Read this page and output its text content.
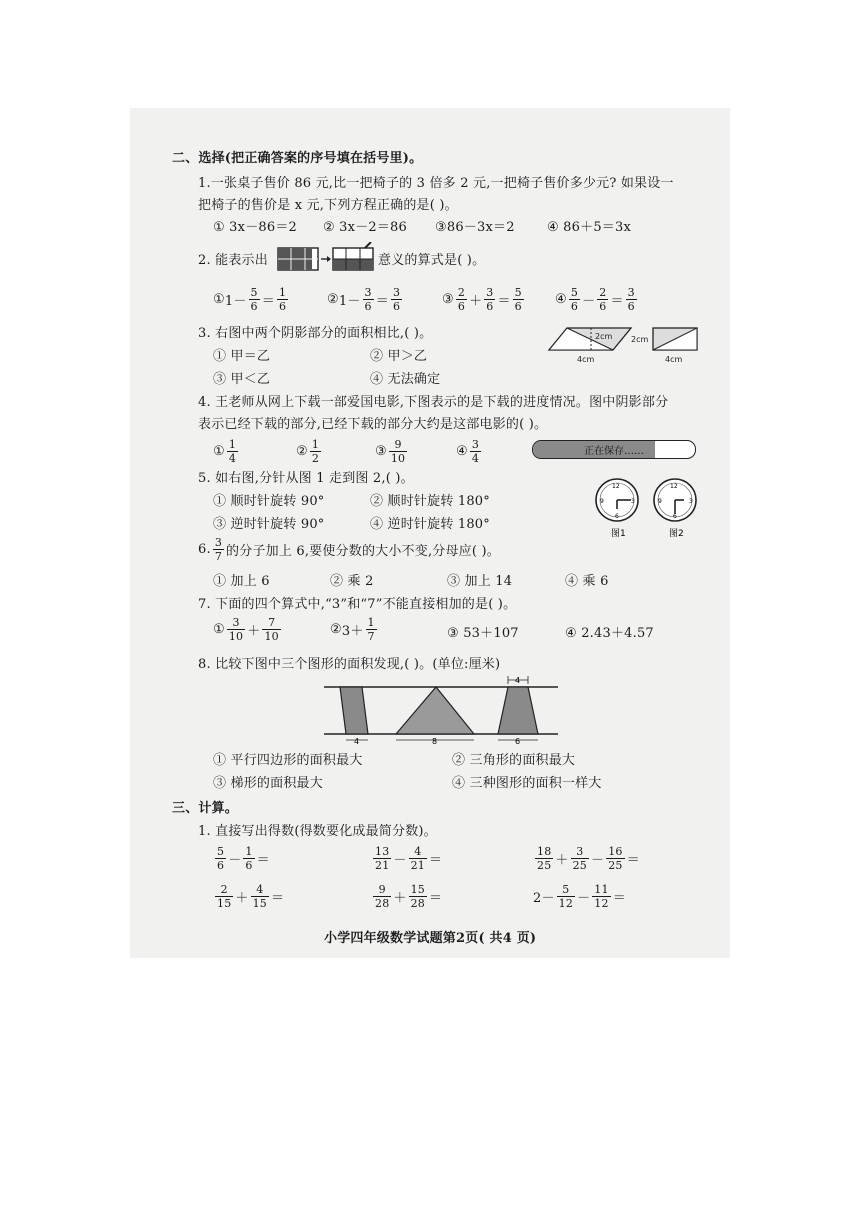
二、选择(把正确答案的序号填在括号里)。
1.一张桌子售价 86 元,比一把椅子的 3 倍多 2 元,一把椅子售价多少元? 如果设一
把椅子的售价是 x 元,下列方程正确的是( )。
① 3x－86＝2 ② 3x－2＝86 ③86－3x＝2 ④ 86＋5＝3x
2. 能表示出	意义的算式是( )。
①1－ $\frac{5}{6} = \frac{1}{6}$	②1－ $\frac{3}{6} = \frac{3}{6}$	③ $\frac{2}{6} + \frac{3}{6} = \frac{5}{6}$ ④ $\frac{5}{6} - \frac{2}{6} = \frac{3}{6}$
3. 右图中两个阴影部分的面积相比,( )。
① 甲＝乙	② 甲＞乙
③ 甲＜乙	④ 无法确定
2cm
4cm
2cm
4cm
4. 王老师从网上下载一部爱国电影,下图表示的是下载的进度情况。图中阴影部分
表示已经下载的部分,已经下载的部分大约是这部电影的( )。
① $\frac{1}{4}$	② $\frac{1}{2}$	③ $\frac{9}{10}$	④ $\frac{3}{4}$	正在保存……
5. 如右图,分针从图 1 走到图 2,( )。
① 顺时针旋转 90°	② 顺时针旋转 180°
③ 逆时针旋转 90°	④ 逆时针旋转 180°
12
3
6
9
12
3
6
9
图1	图2
6. $\frac{3}{7}$ 的分子加上 6,要使分数的大小不变,分母应( )。
① 加上 6	② 乘 2	③ 加上 14	④ 乘 6
7. 下面的四个算式中,“3”和“7”不能直接相加的是( )。
① $\frac{3}{10} + \frac{7}{10}$	②3＋ $\frac{1}{7}$	③ 53＋107	④ 2.43＋4.57
8. 比较下图中三个图形的面积发现,( )。(单位:厘米)
4
4	8	6
① 平行四边形的面积最大	② 三角形的面积最大
③ 梯形的面积最大	④ 三种图形的面积一样大
三、计算。
1. 直接写出得数(得数要化成最简分数)。
$\frac{5}{6} - \frac{1}{6}$ ＝	$\frac{13}{21} - \frac{4}{21}$ ＝	$\frac{18}{25} + \frac{3}{25} - \frac{16}{25}$ ＝
$\frac{2}{15} + \frac{4}{15}$ ＝	$\frac{9}{28} + \frac{15}{28}$ ＝	$2- \frac{5}{12} - \frac{11}{12}$ ＝
小学四年级数学试题第2页( 共4 页)
